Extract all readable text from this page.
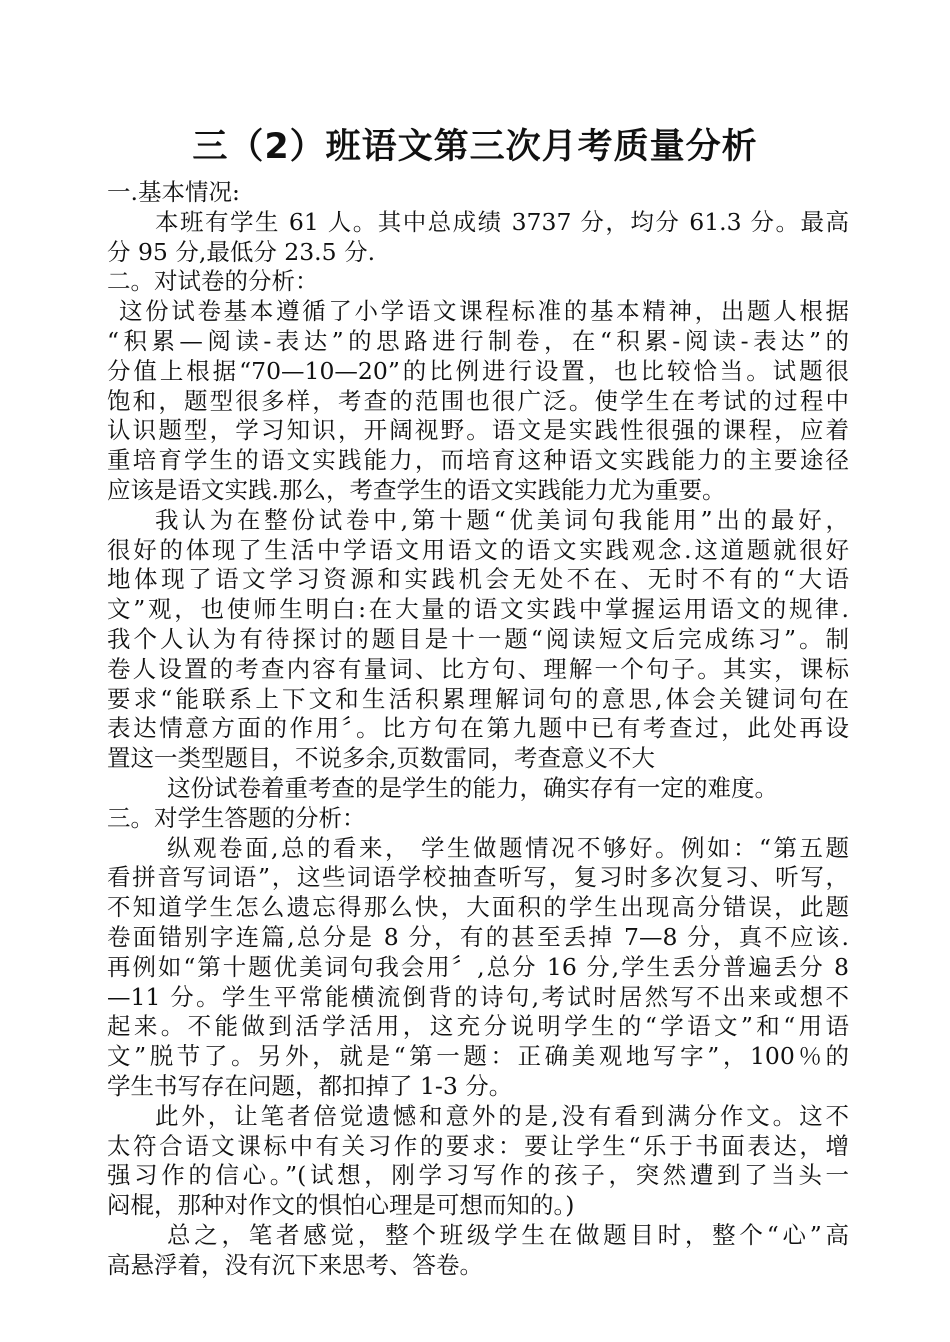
三（2）班语文第三次月考质量分析
一.基本情况:
本班有学生 61 人。其中总成绩 3737 分，均分 61.3 分。最高
分 95 分,最低分 23.5 分.
二。对试卷的分析：
这份试卷基本遵循了小学语文课程标准的基本精神，出题人根据
“积累—阅读-表达”的思路进行制卷，在“积累-阅读-表达”的
分值上根据“70—10—20”的比例进行设置，也比较恰当。试题很
饱和，题型很多样，考查的范围也很广泛。使学生在考试的过程中
认识题型，学习知识，开阔视野。语文是实践性很强的课程，应着
重培育学生的语文实践能力，而培育这种语文实践能力的主要途径
应该是语文实践.那么，考查学生的语文实践能力尤为重要。
我认为在整份试卷中,第十题“优美词句我能用”出的最好，
很好的体现了生活中学语文用语文的语文实践观念.这道题就很好
地体现了语文学习资源和实践机会无处不在、无时不有的“大语
文”观，也使师生明白:在大量的语文实践中掌握运用语文的规律.
我个人认为有待探讨的题目是十一题“阅读短文后完成练习”。制
卷人设置的考查内容有量词、比方句、理解一个句子。其实，课标
要求“能联系上下文和生活积累理解词句的意思,体会关键词句在
表达情意方面的作用〞。比方句在第九题中已有考查过，此处再设
置这一类型题目，不说多余,页数雷同，考查意义不大
这份试卷着重考查的是学生的能力，确实存有一定的难度。
三。对学生答题的分析：
纵观卷面,总的看来， 学生做题情况不够好。例如：“第五题
看拼音写词语”，这些词语学校抽查听写，复习时多次复习、听写，
不知道学生怎么遗忘得那么快，大面积的学生出现高分错误，此题
卷面错别字连篇,总分是 8 分，有的甚至丢掉 7—8 分，真不应该.
再例如“第十题优美词句我会用〞,总分 16 分,学生丢分普遍丢分 8
—11 分。学生平常能横流倒背的诗句,考试时居然写不出来或想不
起来。不能做到活学活用，这充分说明学生的“学语文”和“用语
文”脱节了。另外，就是“第一题：正确美观地写字”，100％的
学生书写存在问题，都扣掉了 1-3 分。
此外，让笔者倍觉遗憾和意外的是,没有看到满分作文。这不
太符合语文课标中有关习作的要求：要让学生“乐于书面表达，增
强习作的信心。”(试想，刚学习写作的孩子，突然遭到了当头一
闷棍，那种对作文的惧怕心理是可想而知的。)
总之，笔者感觉，整个班级学生在做题目时，整个“心”高
高悬浮着，没有沉下来思考、答卷。
